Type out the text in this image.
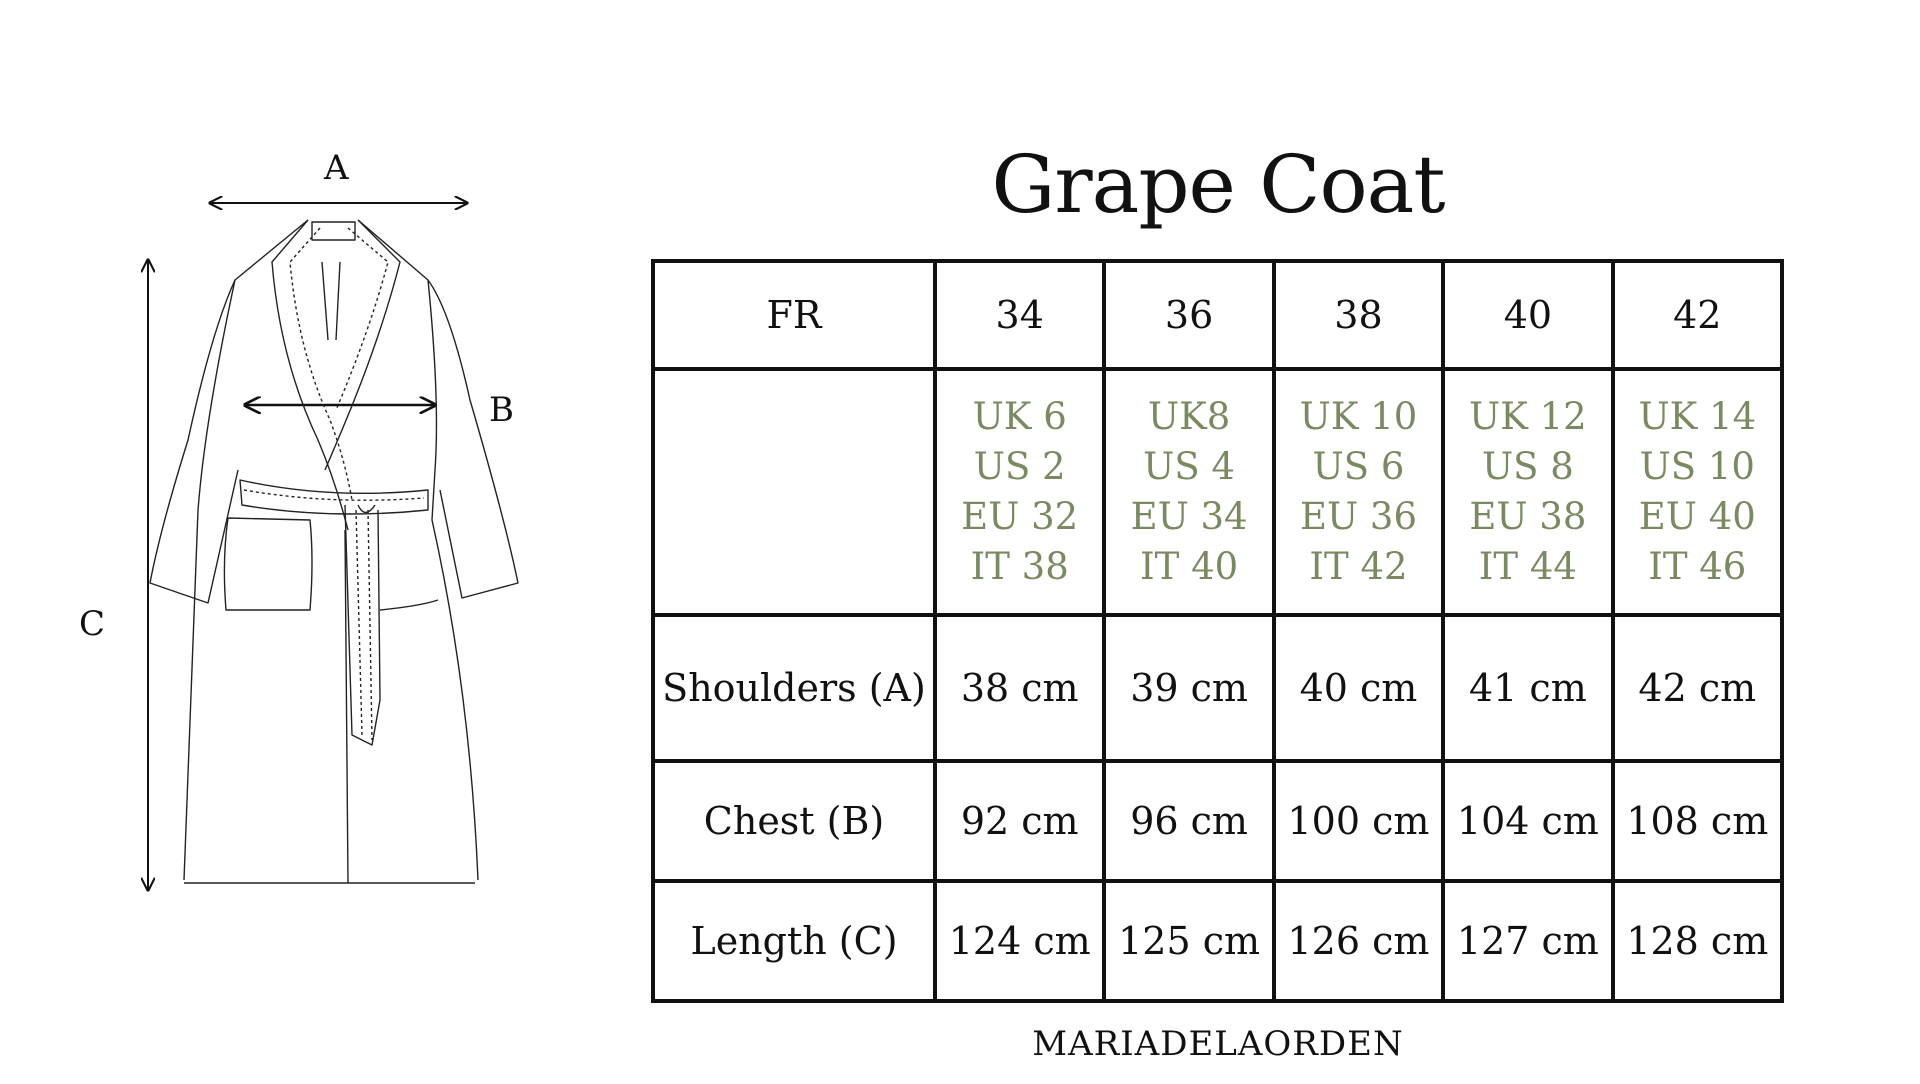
A
B
C
Grape Coat
FR	34	36	38	40	42

	UK 6
US 2
EU 32
IT 38	UK8
US 4
EU 34
IT 40	UK 10
US 6
EU 36
IT 42	UK 12
US 8
EU 38
IT 44	UK 14
US 10
EU 40
IT 46

Shoulders (A)	38 cm	39 cm	40 cm	41 cm	42 cm
Chest (B)	92 cm	96 cm	100 cm	104 cm	108 cm
Length (C)	124 cm	125 cm	126 cm	127 cm	128 cm
MARIADELAORDEN
